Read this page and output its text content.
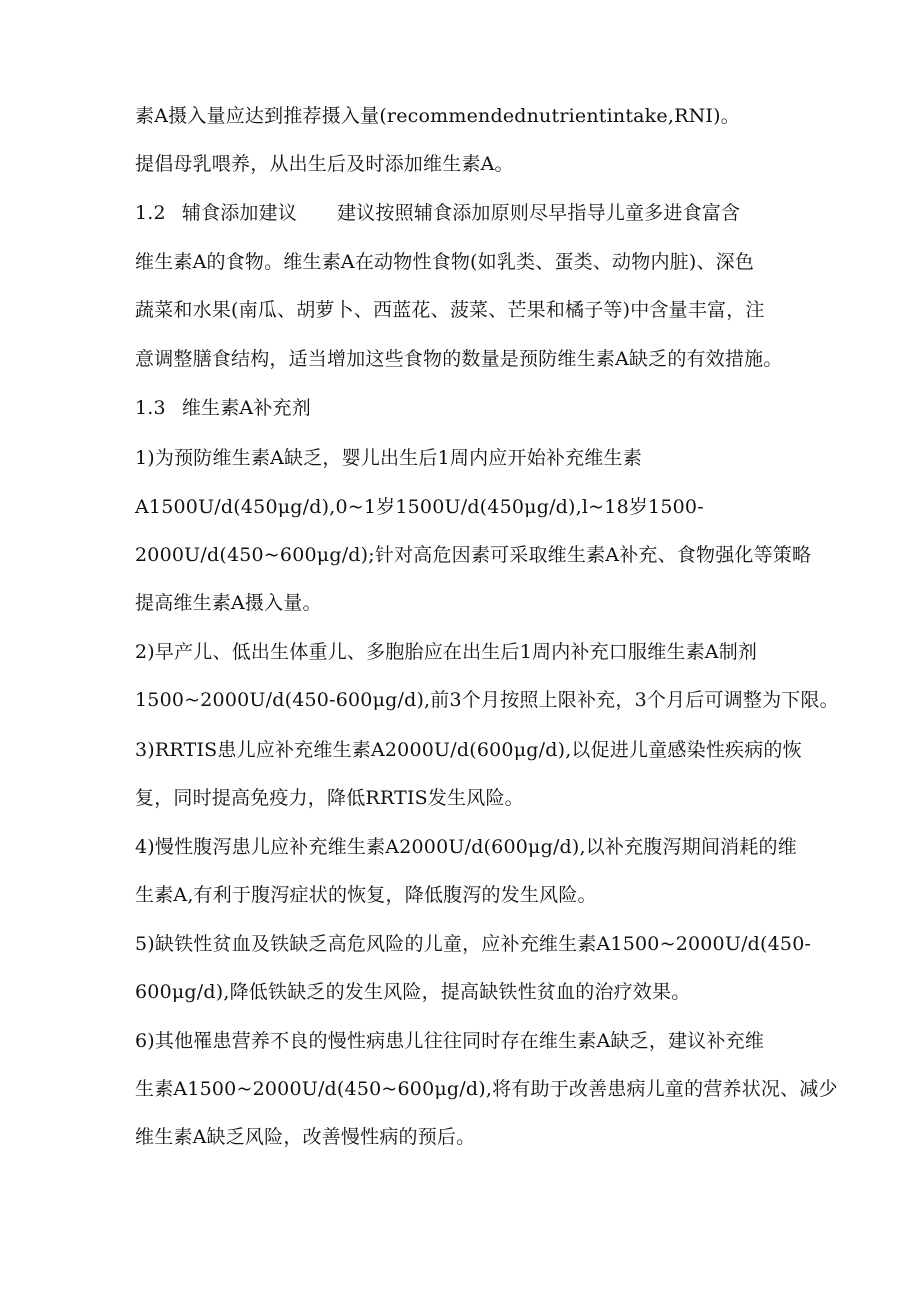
素A摄入量应达到推荐摄入量(recommendednutrientintake,RNI)。
提倡母乳喂养，从出生后及时添加维生素A。
1.2 辅食添加建议 建议按照辅食添加原则尽早指导儿童多进食富含
维生素A的食物。维生素A在动物性食物(如乳类、蛋类、动物内脏)、深色
蔬菜和水果(南瓜、胡萝卜、西蓝花、菠菜、芒果和橘子等)中含量丰富，注
意调整膳食结构，适当增加这些食物的数量是预防维生素A缺乏的有效措施。
1.3 维生素A补充剂
1)为预防维生素A缺乏，婴儿出生后1周内应开始补充维生素
A1500U∕d(450μg∕d),0~1岁1500U∕d(450μg∕d),l~18岁1500-
2000U∕d(450~600μg∕d);针对高危因素可采取维生素A补充、食物强化等策略
提高维生素A摄入量。
2)早产儿、低出生体重儿、多胞胎应在出生后1周内补充口服维生素A制剂
1500~2000U∕d(450-600μg∕d),前3个月按照上限补充，3个月后可调整为下限。
3)RRTIS患儿应补充维生素A2000U∕d(600μg∕d),以促进儿童感染性疾病的恢
复，同时提高免疫力，降低RRTIS发生风险。
4)慢性腹泻患儿应补充维生素A2000U∕d(600μg∕d),以补充腹泻期间消耗的维
生素A,有利于腹泻症状的恢复，降低腹泻的发生风险。
5)缺铁性贫血及铁缺乏高危风险的儿童，应补充维生素A1500~2000U∕d(450-
600μg∕d),降低铁缺乏的发生风险，提高缺铁性贫血的治疗效果。
6)其他罹患营养不良的慢性病患儿往往同时存在维生素A缺乏，建议补充维
生素A1500~2000U∕d(450~600μg∕d),将有助于改善患病儿童的营养状况、减少
维生素A缺乏风险，改善慢性病的预后。
